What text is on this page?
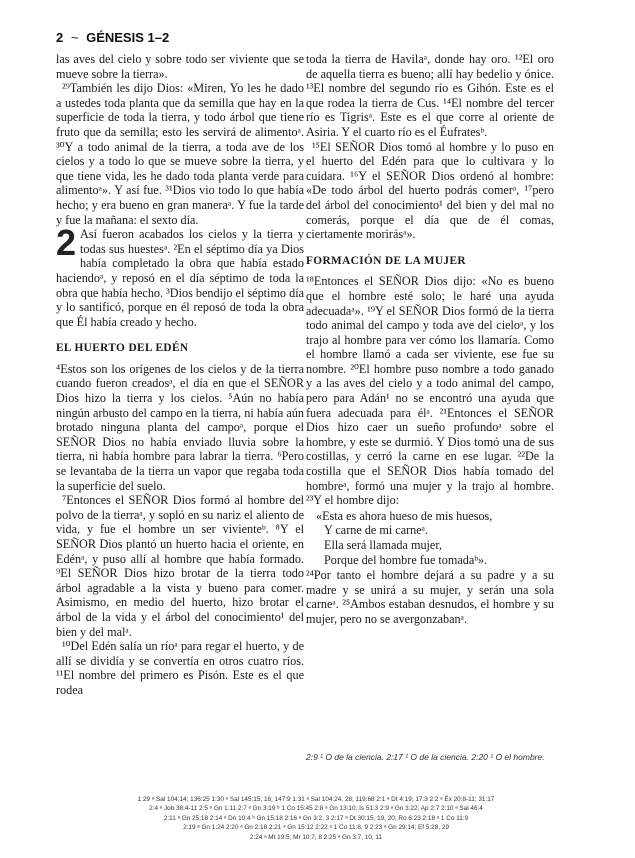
2 ~ GÉNESIS 1–2

las aves del cielo y sobre todo ser viviente que se mueve sobre la tierra».

²⁹También les dijo Dios: «Miren, Yo les he dado a ustedes toda planta que da semilla que hay en la superficie de toda la tierra, y todo árbol que tiene fruto que da semilla; esto les servirá de alimentoᵃ. ³⁰Y a todo animal de la tierra, a toda ave de los cielos y a todo lo que se mueve sobre la tierra, y que tiene vida, les he dado toda planta verde para alimentoᵃ». Y así fue. ³¹Dios vio todo lo que había hecho; y era bueno en gran maneraᵃ. Y fue la tarde y fue la mañana: el sexto día.

2 Así fueron acabados los cielos y la tierra y todas sus huestesᵃ. ²En el séptimo día ya Dios había completado la obra que había estado haciendoᵃ, y reposó en el día séptimo de toda la obra que había hecho. ³Dios bendijo el séptimo día y lo santificó, porque en él reposó de toda la obra que Él había creado y hecho.

EL HUERTO DEL EDÉN

⁴Estos son los orígenes de los cielos y de la tierra cuando fueron creadosᵃ, el día en que el SEÑOR Dios hizo la tierra y los cielos. ⁵Aún no había ningún arbusto del campo en la tierra, ni había aún brotado ninguna planta del campoᵃ, porque el SEÑOR Dios no había enviado lluvia sobre la tierra, ni había hombre para labrar la tierra. ⁶Pero se levantaba de la tierra un vapor que regaba toda la superficie del suelo.

⁷Entonces el SEÑOR Dios formó al hombre del polvo de la tierraᵃ, y sopló en su nariz el aliento de vida, y fue el hombre un ser vivienteᵇ. ⁸Y el SEÑOR Dios plantó un huerto hacia el oriente, en Edénᵃ, y puso allí al hombre que había formado. ⁹El SEÑOR Dios hizo brotar de la tierra todo árbol agradable a la vista y bueno para comer. Asimismo, en medio del huerto, hizo brotar el árbol de la vida y el árbol del conocimiento¹ del bien y del malᵃ.

¹⁰Del Edén salía un ríoᵃ para regar el huerto, y de allí se dividía y se convertía en otros cuatro ríos. ¹¹El nombre del primero es Pisón. Este es el que rodea

toda la tierra de Havilaᵃ, donde hay oro. ¹²El oro de aquella tierra es bueno; allí hay bedelio y ónice. ¹³El nombre del segundo río es Gihón. Este es el que rodea la tierra de Cus. ¹⁴El nombre del tercer río es Tigrisᵃ. Este es el que corre al oriente de Asiria. Y el cuarto río es el Éufratesᵇ.

¹⁵El SEÑOR Dios tomó al hombre y lo puso en el huerto del Edén para que lo cultivara y lo cuidara. ¹⁶Y el SEÑOR Dios ordenó al hombre: «De todo árbol del huerto podrás comerᵃ, ¹⁷pero del árbol del conocimiento¹ del bien y del mal no comerás, porque el día que de él comas, ciertamente morirásᵃ».

FORMACIÓN DE LA MUJER

¹⁸Entonces el SEÑOR Dios dijo: «No es bueno que el hombre esté solo; le haré una ayuda adecuadaᵃ». ¹⁹Y el SEÑOR Dios formó de la tierra todo animal del campo y toda ave del cieloᵃ, y los trajo al hombre para ver cómo los llamaría. Como el hombre llamó a cada ser viviente, ese fue su nombre. ²⁰El hombre puso nombre a todo ganado y a las aves del cielo y a todo animal del campo, pero para Adán¹ no se encontró una ayuda que fuera adecuada para élᵃ. ²¹Entonces el SEÑOR Dios hizo caer un sueño profundoᵃ sobre el hombre, y este se durmió. Y Dios tomó una de sus costillas, y cerró la carne en ese lugar. ²²De la costilla que el SEÑOR Dios había tomado del hombreᵃ, formó una mujer y la trajo al hombre. ²³Y el hombre dijo:

«Esta es ahora hueso de mis huesos,
Y carne de mi carneᵃ.
Ella será llamada mujer,
Porque del hombre fue tomadaᵇ».

²⁴Por tanto el hombre dejará a su padre y a su madre y se unirá a su mujer, y serán una sola carneᵃ. ²⁵Ambos estaban desnudos, el hombre y su mujer, pero no se avergonzabanᵃ.

2:9 ¹ O de la ciencia. 2:17 ¹ O de la ciencia. 2:20 ¹ O el hombre.
1:29 ᵃ Sal 104:14; 136:25 1:30 ᵃ Sal 145:15, 16; 147:9 1:31 ᵃ Sal 104:24, 28; 119:68 2:1 ᵃ Dt 4:19; 17:3 2:2 ᵃ Éx 20:8-11; 31:17
2:4 ᵃ Job 38:4-11 2:5 ᵃ Gn 1:11 2:7 ᵃ Gn 3:19 ᵇ 1 Co 15:45 2:8 ᵃ Gn 13:10; Is 51:3 2:9 ᵃ Gn 3:22; Ap 2:7 2:10 ᵃ Sal 46:4
2:11 ᵃ Gn 25:18 2:14 ᵃ Dn 10:4 ᵇ Gn 15:18 2:16 ᵃ Gn 3:2, 3 2:17 ᵃ Dt 30:15, 19, 20; Ro 6:23 2:18 ᵃ 1 Co 11:9
2:19 ᵃ Gn 1:24 2:20 ᵃ Gn 2:18 2:21 ᵃ Gn 15:12 2:22 ᵃ 1 Co 11:8, 9 2:23 ᵃ Gn 29:14; Ef 5:28, 29
2:24 ᵃ Mt 19:5; Mr 10:7, 8 2:25 ᵃ Gn 3:7, 10, 11
